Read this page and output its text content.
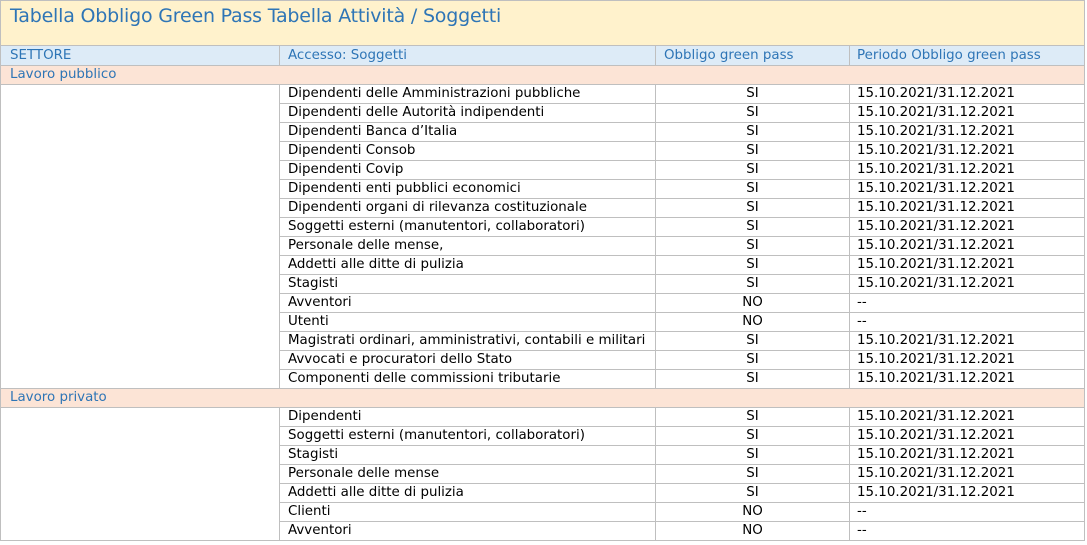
Tabella Obbligo Green Pass Tabella Attività / Soggetti
SETTORE	Accesso: Soggetti	Obbligo green pass	Periodo Obbligo green pass
Lavoro pubblico
Dipendenti delle Amministrazioni pubbliche	SI	15.10.2021/31.12.2021
Dipendenti delle Autorità indipendenti	SI	15.10.2021/31.12.2021
Dipendenti Banca d’Italia	SI	15.10.2021/31.12.2021
Dipendenti Consob	SI	15.10.2021/31.12.2021
Dipendenti Covip	SI	15.10.2021/31.12.2021
Dipendenti enti pubblici economici	SI	15.10.2021/31.12.2021
Dipendenti organi di rilevanza costituzionale	SI	15.10.2021/31.12.2021
Soggetti esterni (manutentori, collaboratori)	SI	15.10.2021/31.12.2021
Personale delle mense,	SI	15.10.2021/31.12.2021
Addetti alle ditte di pulizia	SI	15.10.2021/31.12.2021
Stagisti	SI	15.10.2021/31.12.2021
Avventori	NO	--
Utenti	NO	--
Magistrati ordinari, amministrativi, contabili e militari	SI	15.10.2021/31.12.2021
Avvocati e procuratori dello Stato	SI	15.10.2021/31.12.2021
Componenti delle commissioni tributarie	SI	15.10.2021/31.12.2021
Lavoro privato
Dipendenti	SI	15.10.2021/31.12.2021
Soggetti esterni (manutentori, collaboratori)	SI	15.10.2021/31.12.2021
Stagisti	SI	15.10.2021/31.12.2021
Personale delle mense	SI	15.10.2021/31.12.2021
Addetti alle ditte di pulizia	SI	15.10.2021/31.12.2021
Clienti	NO	--
Avventori	NO	--
